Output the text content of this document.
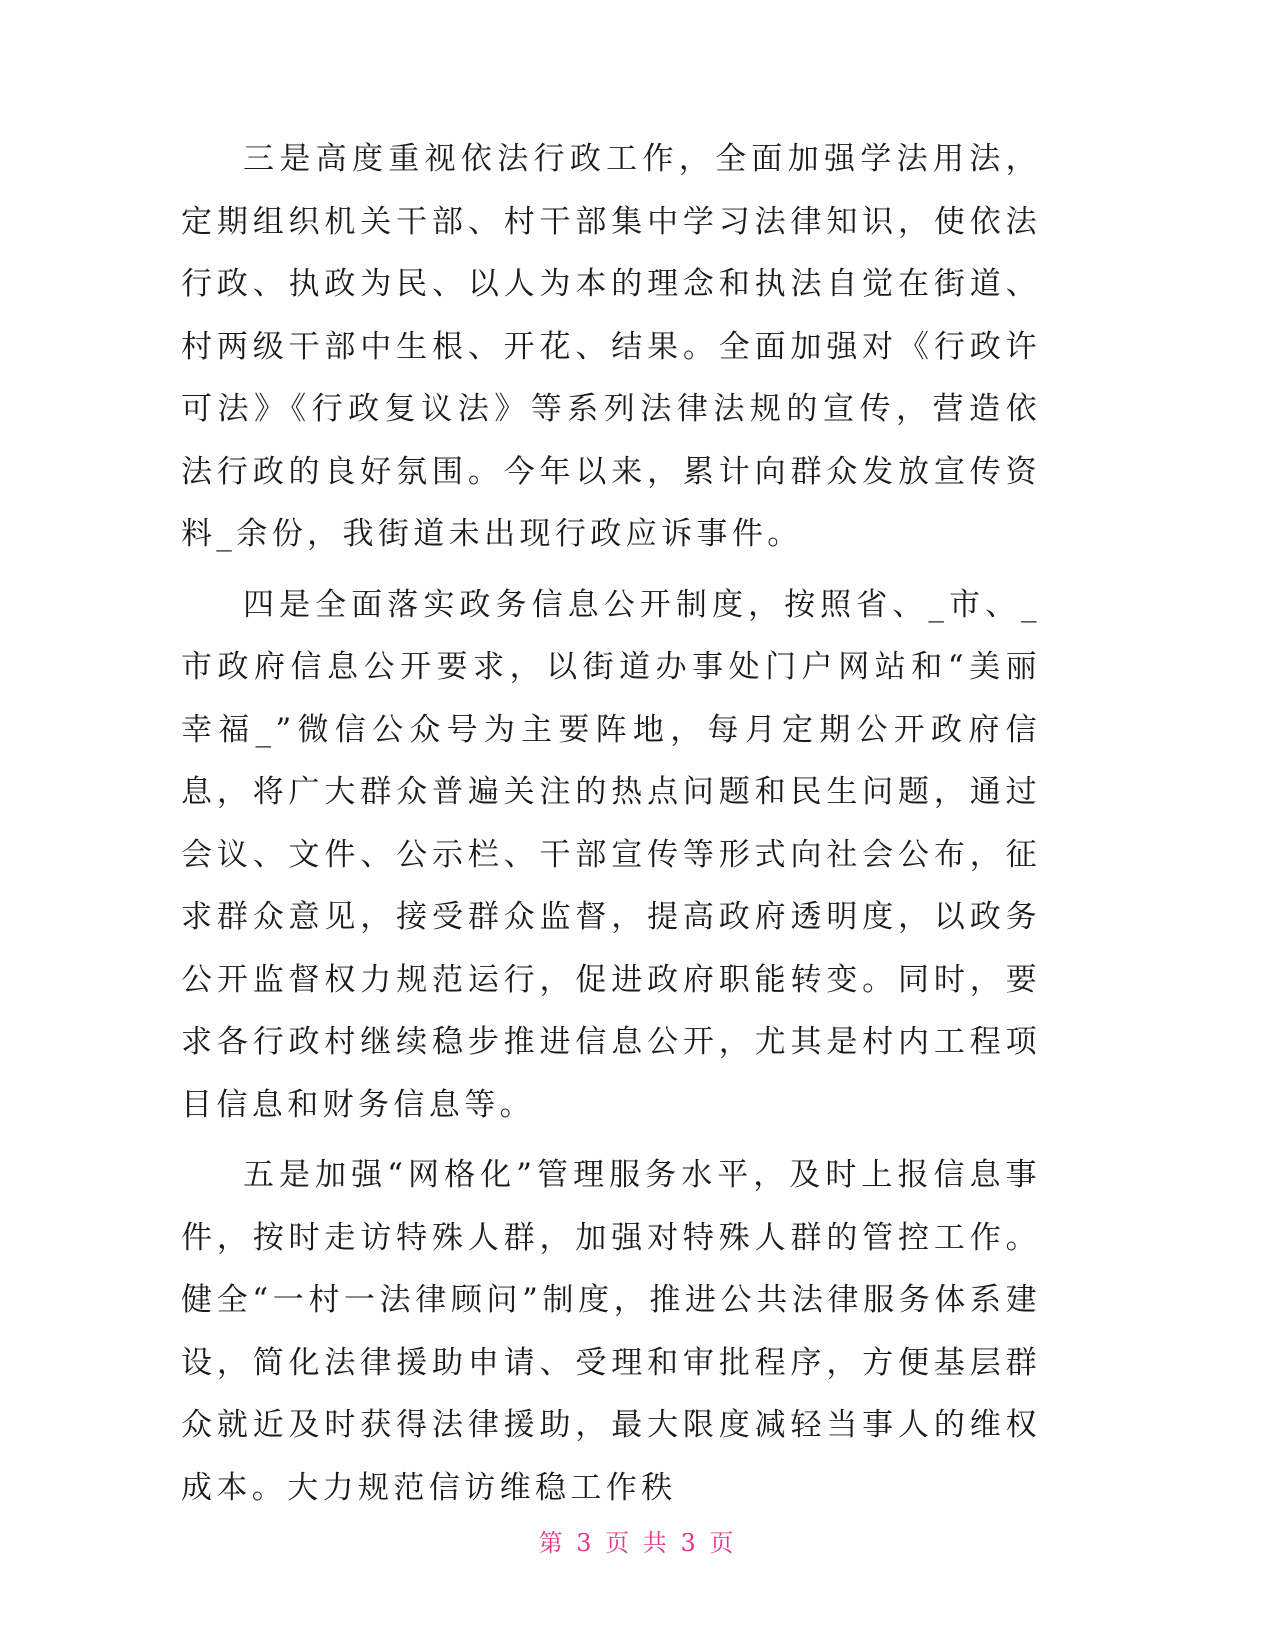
三是高度重视依法行政工作，全面加强学法用法，定期组织机关干部、村干部集中学习法律知识，使依法行政、执政为民、以人为本的理念和执法自觉在街道、村两级干部中生根、开花、结果。全面加强对《行政许可法》《行政复议法》等系列法律法规的宣传，营造依法行政的良好氛围。今年以来，累计向群众发放宣传资料_余份，我街道未出现行政应诉事件。

四是全面落实政务信息公开制度，按照省、_市、_市政府信息公开要求，以街道办事处门户网站和“美丽幸福_”微信公众号为主要阵地，每月定期公开政府信息，将广大群众普遍关注的热点问题和民生问题，通过会议、文件、公示栏、干部宣传等形式向社会公布，征求群众意见，接受群众监督，提高政府透明度，以政务公开监督权力规范运行，促进政府职能转变。同时，要求各行政村继续稳步推进信息公开，尤其是村内工程项目信息和财务信息等。

五是加强“网格化”管理服务水平，及时上报信息事件，按时走访特殊人群，加强对特殊人群的管控工作。健全“一村一法律顾问”制度，推进公共法律服务体系建设，简化法律援助申请、受理和审批程序，方便基层群众就近及时获得法律援助，最大限度减轻当事人的维权成本。大力规范信访维稳工作秩

第 3 页 共 3 页
